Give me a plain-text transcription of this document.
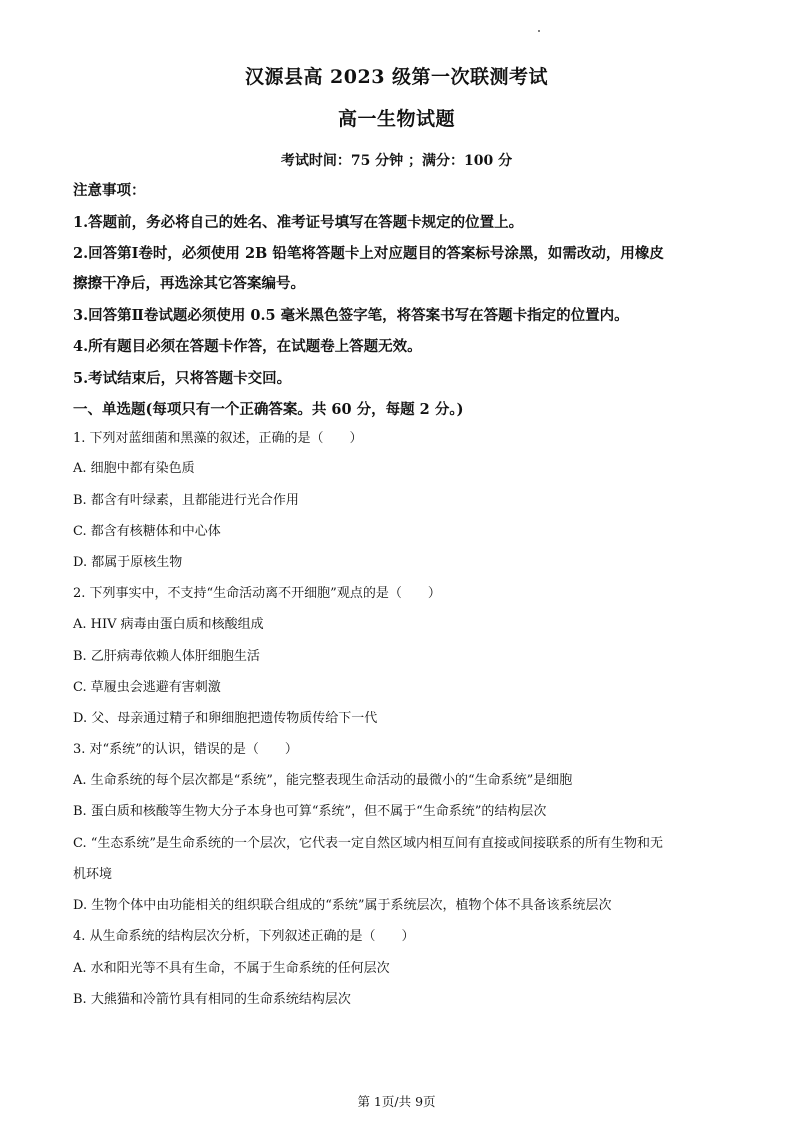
汉源县高 2023 级第一次联测考试
高一生物试题
考试时间：75 分钟 ；满分：100 分
注意事项：
1.答题前，务必将自己的姓名、准考证号填写在答题卡规定的位置上。
2.回答第Ⅰ卷时，必须使用 2B 铅笔将答题卡上对应题目的答案标号涂黑，如需改动，用橡皮
擦擦干净后，再选涂其它答案编号。
3.回答第Ⅱ卷试题必须使用 0.5 毫米黑色签字笔，将答案书写在答题卡指定的位置内。
4.所有题目必须在答题卡作答，在试题卷上答题无效。
5.考试结束后，只将答题卡交回。
一、单选题(每项只有一个正确答案。共 60 分，每题 2 分。)
1. 下列对蓝细菌和黑藻的叙述，正确的是（　　）
A. 细胞中都有染色质
B. 都含有叶绿素，且都能进行光合作用
C. 都含有核糖体和中心体
D. 都属于原核生物
2. 下列事实中，不支持“生命活动离不开细胞”观点的是（　　）
A. HIV 病毒由蛋白质和核酸组成
B. 乙肝病毒依赖人体肝细胞生活
C. 草履虫会逃避有害刺激
D. 父、母亲通过精子和卵细胞把遗传物质传给下一代
3. 对“系统”的认识，错误的是（　　）
A. 生命系统的每个层次都是“系统”，能完整表现生命活动的最微小的“生命系统”是细胞
B. 蛋白质和核酸等生物大分子本身也可算“系统”，但不属于“生命系统”的结构层次
C. “生态系统”是生命系统的一个层次，它代表一定自然区域内相互间有直接或间接联系的所有生物和无
机环境
D. 生物个体中由功能相关的组织联合组成的“系统”属于系统层次，植物个体不具备该系统层次
4. 从生命系统的结构层次分析，下列叙述正确的是（　　）
A. 水和阳光等不具有生命，不属于生命系统的任何层次
B. 大熊猫和冷箭竹具有相同的生命系统结构层次
第 1页/共 9页
